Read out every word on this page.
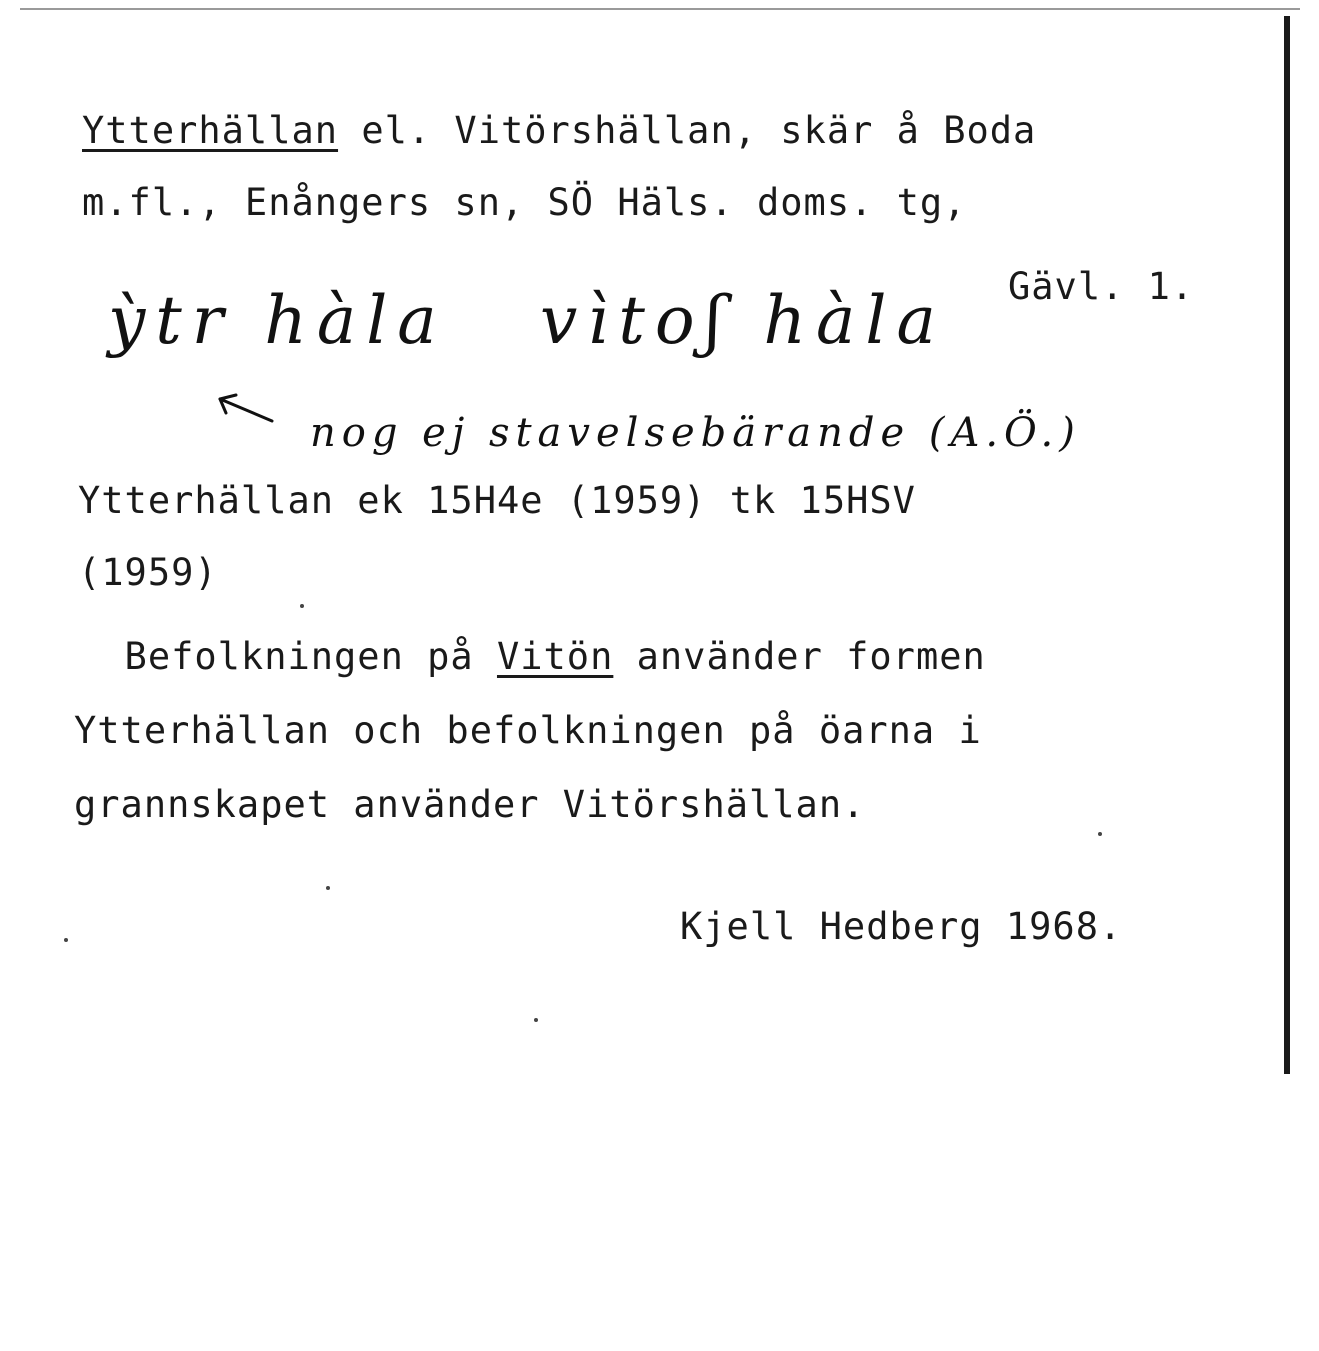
Ytterhällan el. Vitörshällan, skär å Boda
m.fl., Enångers sn, SÖ Häls. doms. tg,
Gävl. 1.
ỳtr hàla vìtoʃ hàla
nog ej stavelsebärande (A.Ö.)
Ytterhällan ek 15H4e (1959) tk 15HSV
(1959)
Befolkningen på Vitön använder formen
Ytterhällan och befolkningen på öarna i
grannskapet använder Vitörshällan.
Kjell Hedberg 1968.
